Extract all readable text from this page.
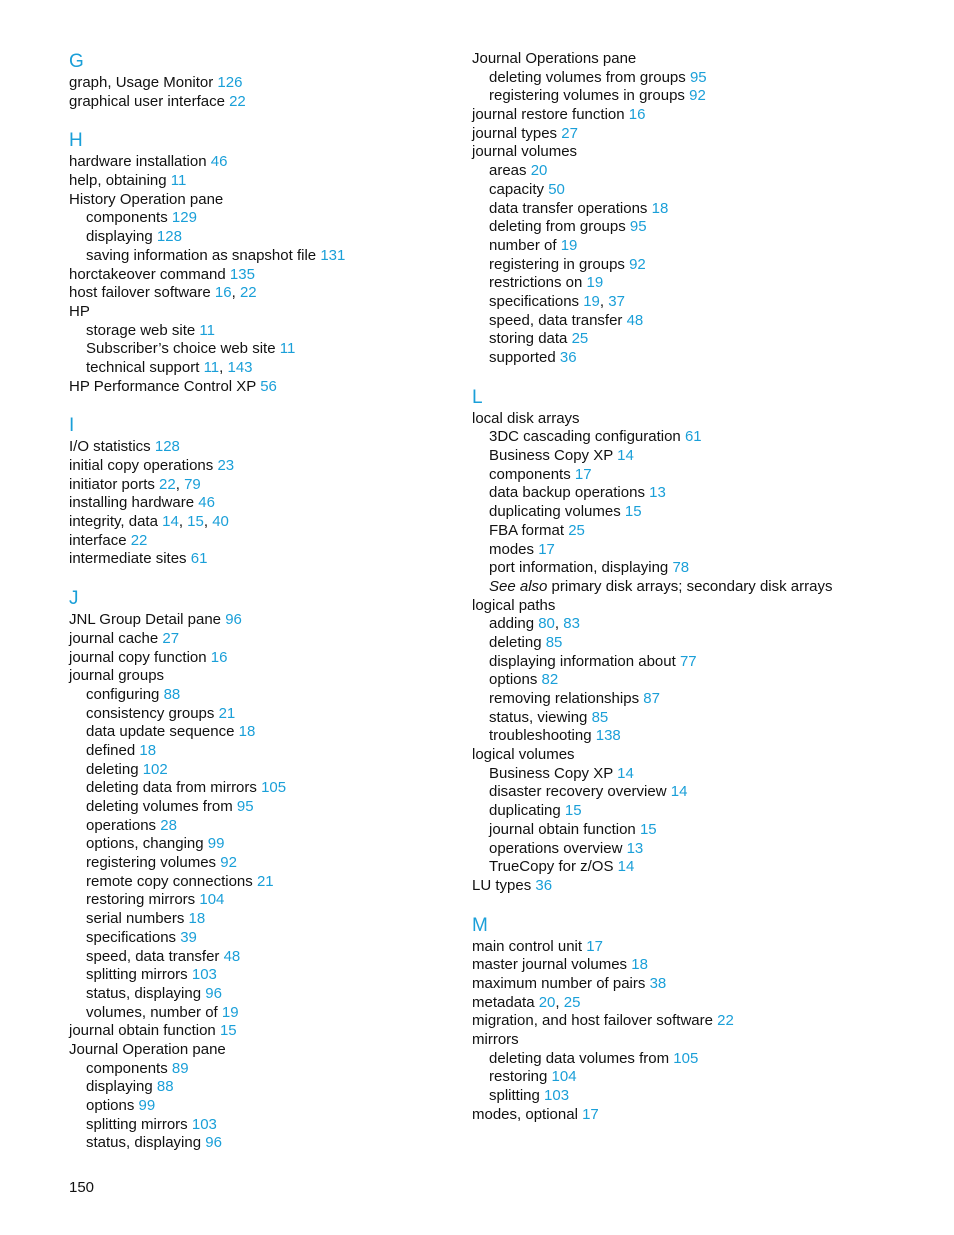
G
graph, Usage Monitor 126
graphical user interface 22
H
hardware installation 46
help, obtaining 11
History Operation pane
components 129
displaying 128
saving information as snapshot file 131
horctakeover command 135
host failover software 16, 22
HP
storage web site 11
Subscriber’s choice web site 11
technical support 11, 143
HP Performance Control XP 56
I
I/O statistics 128
initial copy operations 23
initiator ports 22, 79
installing hardware 46
integrity, data 14, 15, 40
interface 22
intermediate sites 61
J
JNL Group Detail pane 96
journal cache 27
journal copy function 16
journal groups
configuring 88
consistency groups 21
data update sequence 18
defined 18
deleting 102
deleting data from mirrors 105
deleting volumes from 95
operations 28
options, changing 99
registering volumes 92
remote copy connections 21
restoring mirrors 104
serial numbers 18
specifications 39
speed, data transfer 48
splitting mirrors 103
status, displaying 96
volumes, number of 19
journal obtain function 15
Journal Operation pane
components 89
displaying 88
options 99
splitting mirrors 103
status, displaying 96
Journal Operations pane
deleting volumes from groups 95
registering volumes in groups 92
journal restore function 16
journal types 27
journal volumes
areas 20
capacity 50
data transfer operations 18
deleting from groups 95
number of 19
registering in groups 92
restrictions on 19
specifications 19, 37
speed, data transfer 48
storing data 25
supported 36
L
local disk arrays
3DC cascading configuration 61
Business Copy XP 14
components 17
data backup operations 13
duplicating volumes 15
FBA format 25
modes 17
port information, displaying 78
See also primary disk arrays; secondary disk arrays
logical paths
adding 80, 83
deleting 85
displaying information about 77
options 82
removing relationships 87
status, viewing 85
troubleshooting 138
logical volumes
Business Copy XP 14
disaster recovery overview 14
duplicating 15
journal obtain function 15
operations overview 13
TrueCopy for z/OS 14
LU types 36
M
main control unit 17
master journal volumes 18
maximum number of pairs 38
metadata 20, 25
migration, and host failover software 22
mirrors
deleting data volumes from 105
restoring 104
splitting 103
modes, optional 17
150
